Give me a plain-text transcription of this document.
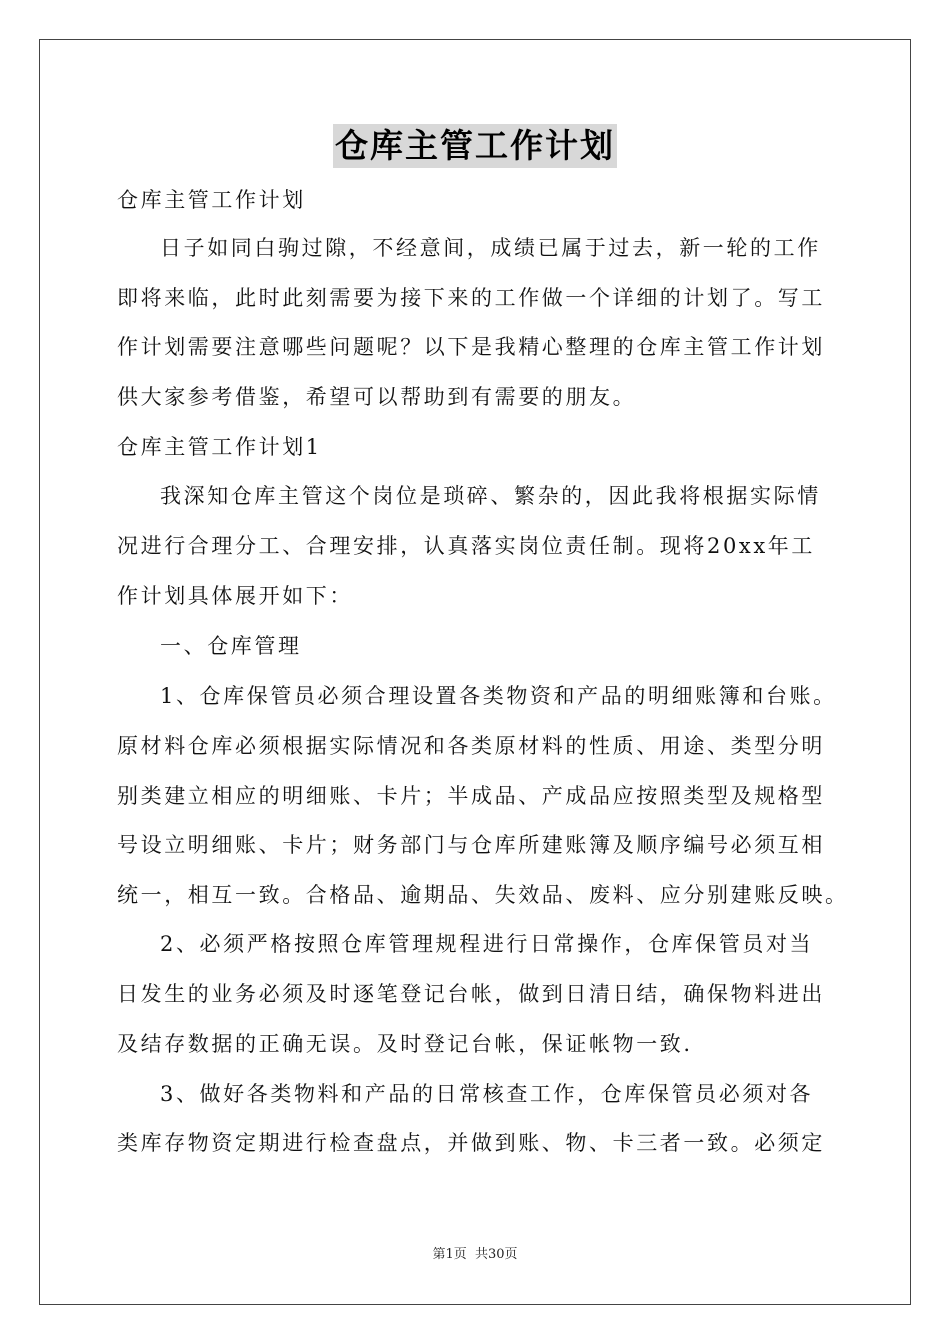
仓库主管工作计划
仓库主管工作计划
日子如同白驹过隙，不经意间，成绩已属于过去，新一轮的工作
即将来临，此时此刻需要为接下来的工作做一个详细的计划了。写工
作计划需要注意哪些问题呢？以下是我精心整理的仓库主管工作计划
供大家参考借鉴，希望可以帮助到有需要的朋友。
仓库主管工作计划1
我深知仓库主管这个岗位是琐碎、繁杂的，因此我将根据实际情
况进行合理分工、合理安排，认真落实岗位责任制。现将20xx年工
作计划具体展开如下：
一、仓库管理
1、仓库保管员必须合理设置各类物资和产品的明细账簿和台账。
原材料仓库必须根据实际情况和各类原材料的性质、用途、类型分明
别类建立相应的明细账、卡片；半成品、产成品应按照类型及规格型
号设立明细账、卡片；财务部门与仓库所建账簿及顺序编号必须互相
统一，相互一致。合格品、逾期品、失效品、废料、应分别建账反映。
2、必须严格按照仓库管理规程进行日常操作，仓库保管员对当
日发生的业务必须及时逐笔登记台帐，做到日清日结，确保物料进出
及结存数据的正确无误。及时登记台帐，保证帐物一致.
3、做好各类物料和产品的日常核查工作，仓库保管员必须对各
类库存物资定期进行检查盘点，并做到账、物、卡三者一致。必须定
第1页 共30页
